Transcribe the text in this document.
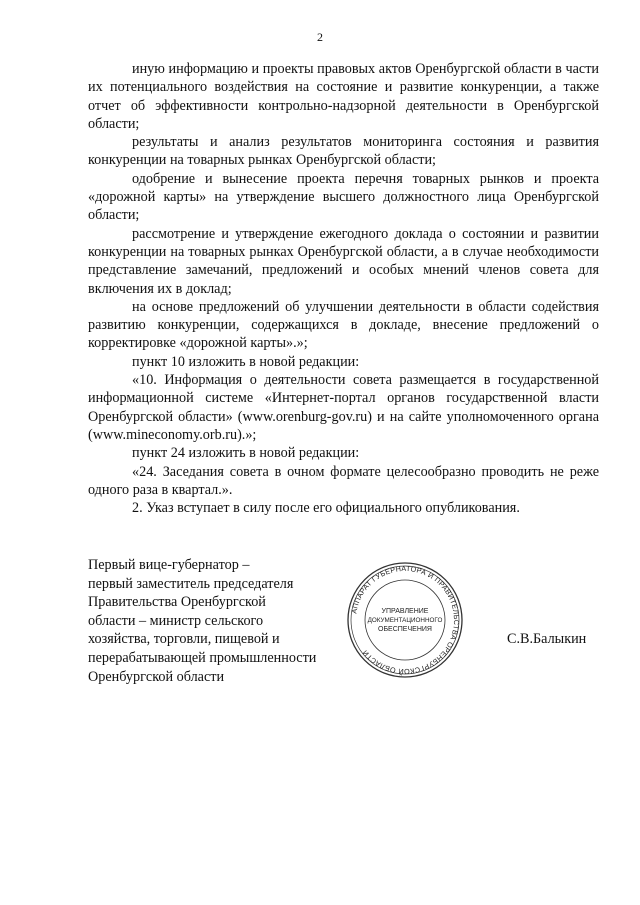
2

иную информацию и проекты правовых актов Оренбургской области в части их потенциального воздействия на состояние и развитие конкуренции, а также отчет об эффективности контрольно-надзорной деятельности в Оренбургской области;

результаты и анализ результатов мониторинга состояния и развития конкуренции на товарных рынках Оренбургской области;

одобрение и вынесение проекта перечня товарных рынков и проекта «дорожной карты» на утверждение высшего должностного лица Оренбургской области;

рассмотрение и утверждение ежегодного доклада о состоянии и развитии конкуренции на товарных рынках Оренбургской области, а в случае необходимости представление замечаний, предложений и особых мнений членов совета для включения их в доклад;

на основе предложений об улучшении деятельности в области содействия развитию конкуренции, содержащихся в докладе, внесение предложений о корректировке «дорожной карты».»;

пункт 10 изложить в новой редакции:

«10. Информация о деятельности совета размещается в государственной информационной системе «Интернет-портал органов государственной власти Оренбургской области» (www.orenburg-gov.ru) и на сайте уполномоченного органа (www.mineconomy.orb.ru).»;

пункт 24 изложить в новой редакции:

«24. Заседания совета в очном формате целесообразно проводить не реже одного раза в квартал.».

2. Указ вступает в силу после его официального опубликования.

Первый вице-губернатор –
первый заместитель председателя
Правительства Оренбургской
области – министр сельского
хозяйства, торговли, пищевой и
перерабатывающей промышленности
Оренбургской области
АППАРАТ ГУБЕРНАТОРА И ПРАВИТЕЛЬСТВА ОРЕНБУРГСКОЙ ОБЛАСТИ
УПРАВЛЕНИЕ
ДОКУМЕНТАЦИОННОГО
ОБЕСПЕЧЕНИЯ
С.В.Балыкин
